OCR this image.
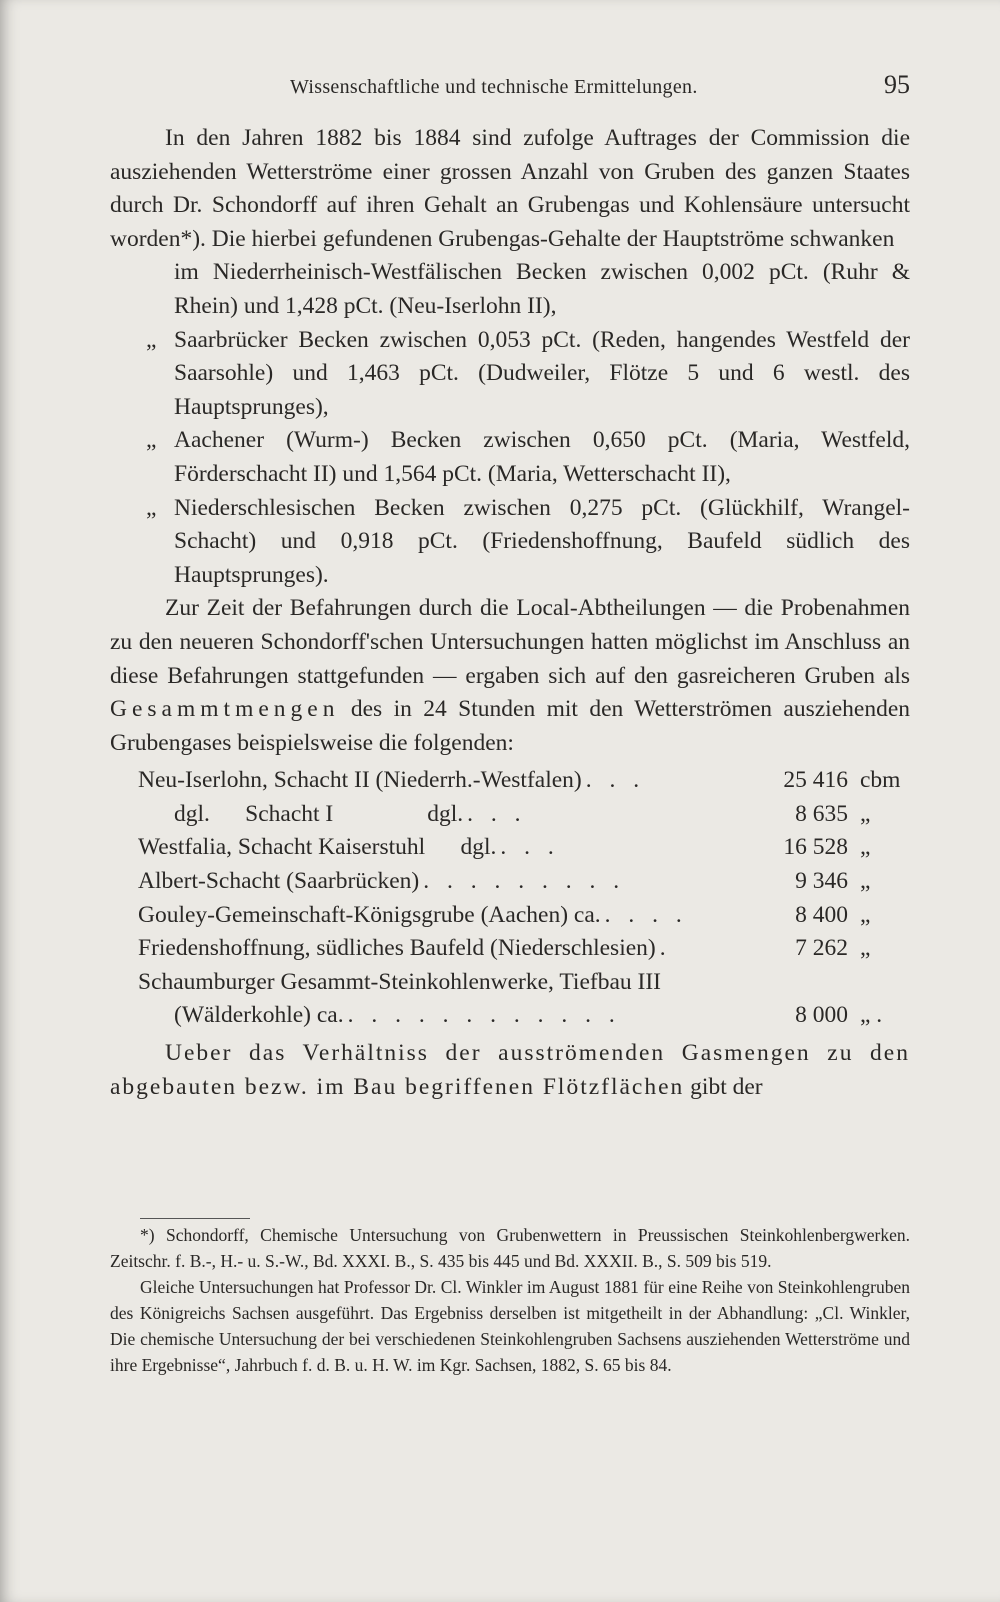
Wissenschaftliche und technische Ermittelungen.	95

In den Jahren 1882 bis 1884 sind zufolge Auftrages der Commission die ausziehenden Wetterströme einer grossen Anzahl von Gruben des ganzen Staates durch Dr. Schondorff auf ihren Gehalt an Grubengas und Kohlensäure untersucht worden*). Die hierbei gefundenen Grubengas-Gehalte der Hauptströme schwanken

im Niederrheinisch-Westfälischen Becken zwischen 0,002 pCt. (Ruhr & Rhein) und 1,428 pCt. (Neu-Iserlohn II),

„ Saarbrücker Becken zwischen 0,053 pCt. (Reden, hangendes Westfeld der Saarsohle) und 1,463 pCt. (Dudweiler, Flötze 5 und 6 westl. des Hauptsprunges),

„ Aachener (Wurm-) Becken zwischen 0,650 pCt. (Maria, Westfeld, Förderschacht II) und 1,564 pCt. (Maria, Wetterschacht II),

„ Niederschlesischen Becken zwischen 0,275 pCt. (Glückhilf, Wrangel-Schacht) und 0,918 pCt. (Friedenshoffnung, Baufeld südlich des Hauptsprunges).

Zur Zeit der Befahrungen durch die Local-Abtheilungen — die Probenahmen zu den neueren Schondorff'schen Untersuchungen hatten möglichst im Anschluss an diese Befahrungen stattgefunden — ergaben sich auf den gasreicheren Gruben als Gesammtmengen des in 24 Stunden mit den Wetterströmen ausziehenden Grubengases beispielsweise die folgenden:

Neu-Iserlohn, Schacht II (Niederrh.-Westfalen) . . .	25 416 cbm
dgl.      Schacht I                dgl. . . .	8 635 „
Westfalia, Schacht Kaiserstuhl      dgl. . . .	16 528 „
Albert-Schacht (Saarbrücken) . . . . . . . . .	9 346 „
Gouley-Gemeinschaft-Königsgrube (Aachen) ca. . . . .	8 400 „
Friedenshoffnung, südliches Baufeld (Niederschlesien) .	7 262 „
Schaumburger Gesammt-Steinkohlenwerke, Tiefbau III
(Wälderkohle) ca. . . . . . . . . . . . .	8 000 „ .

Ueber das Verhältniss der ausströmenden Gasmengen zu den abgebauten bezw. im Bau begriffenen Flötzflächen gibt der

*) Schondorff, Chemische Untersuchung von Grubenwettern in Preussischen Steinkohlenbergwerken. Zeitschr. f. B.-, H.- u. S.-W., Bd. XXXI. B., S. 435 bis 445 und Bd. XXXII. B., S. 509 bis 519.

Gleiche Untersuchungen hat Professor Dr. Cl. Winkler im August 1881 für eine Reihe von Steinkohlengruben des Königreichs Sachsen ausgeführt. Das Ergebniss derselben ist mitgetheilt in der Abhandlung: „Cl. Winkler, Die chemische Untersuchung der bei verschiedenen Steinkohlengruben Sachsens ausziehenden Wetterströme und ihre Ergebnisse“, Jahrbuch f. d. B. u. H. W. im Kgr. Sachsen, 1882, S. 65 bis 84.
